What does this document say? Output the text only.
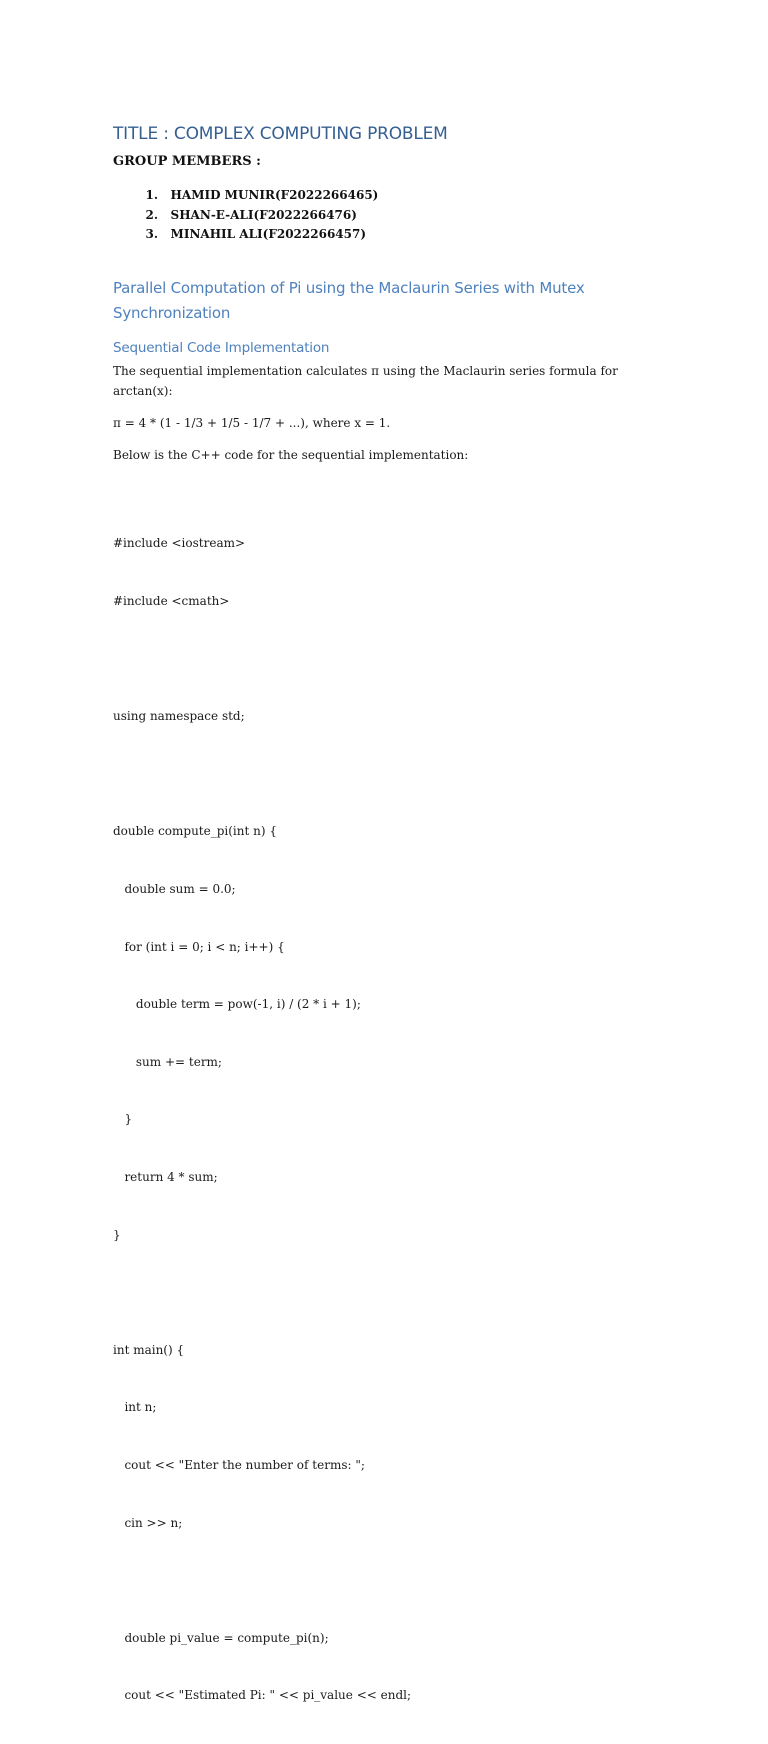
TITLE : COMPLEX COMPUTING PROBLEM
GROUP MEMBERS :
1. HAMID MUNIR(F2022266465)
2. SHAN-E-ALI(F2022266476)
3. MINAHIL ALI(F2022266457)
Parallel Computation of Pi using the Maclaurin Series with Mutex Synchronization
Sequential Code Implementation

The sequential implementation calculates π using the Maclaurin series formula for arctan(x):

π = 4 * (1 - 1/3 + 1/5 - 1/7 + ...), where x = 1.

Below is the C++ code for the sequential implementation:

#include <iostream>

#include <cmath>

using namespace std;

double compute_pi(int n) {

double sum = 0.0;

for (int i = 0; i < n; i++) {

double term = pow(-1, i) / (2 * i + 1);

sum += term;

}

return 4 * sum;

}

int main() {

int n;

cout << "Enter the number of terms: ";

cin >> n;

double pi_value = compute_pi(n);

cout << "Estimated Pi: " << pi_value << endl;
